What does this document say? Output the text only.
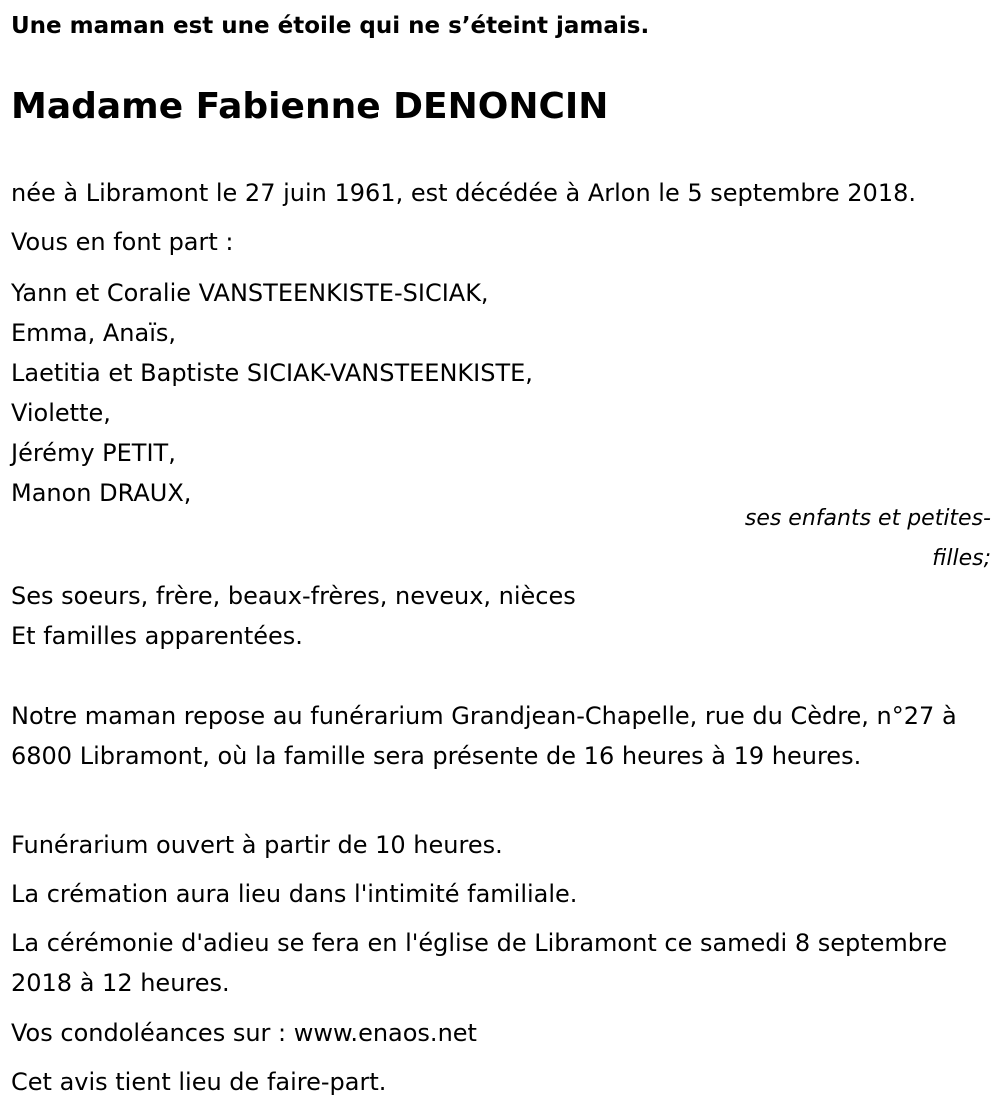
Une maman est une étoile qui ne s’éteint jamais.
Madame Fabienne DENONCIN
née à Libramont le 27 juin 1961, est décédée à Arlon le 5 septembre 2018.
Vous en font part :
Yann et Coralie VANSTEENKISTE-SICIAK,
Emma, Anaïs,
Laetitia et Baptiste SICIAK-VANSTEENKISTE,
Violette,
Jérémy PETIT,
Manon DRAUX,
ses enfants et petites-filles;
Ses soeurs, frère, beaux-frères, neveux, nièces
Et familles apparentées.
Notre maman repose au funérarium Grandjean-Chapelle, rue du Cèdre, n°27 à 6800 Libramont, où la famille sera présente de 16 heures à 19 heures.
Funérarium ouvert à partir de 10 heures.
La crémation aura lieu dans l'intimité familiale.
La cérémonie d'adieu se fera en l'église de Libramont ce samedi 8 septembre 2018 à 12 heures.
Vos condoléances sur : www.enaos.net
Cet avis tient lieu de faire-part.
